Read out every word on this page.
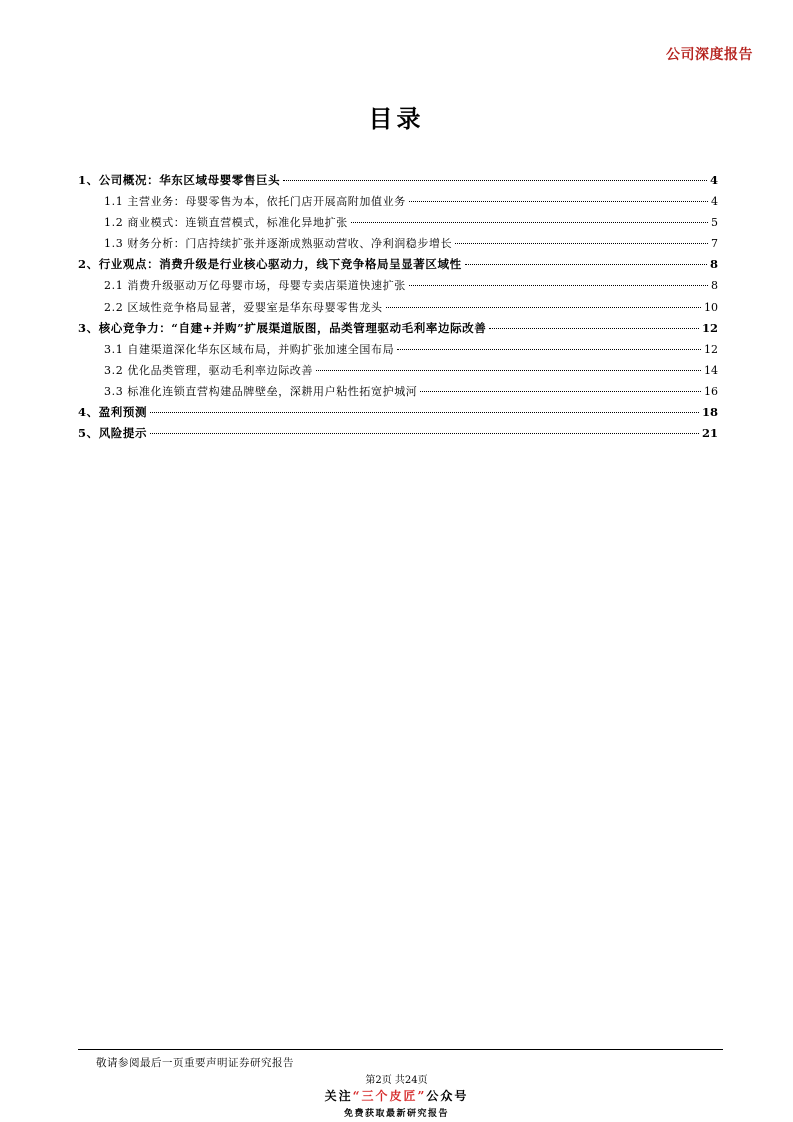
公司深度报告
目录
1、公司概况：华东区域母婴零售巨头	4
1.1 主营业务：母婴零售为本，依托门店开展高附加值业务	4
1.2 商业模式：连锁直营模式，标准化异地扩张	5
1.3 财务分析：门店持续扩张并逐渐成熟驱动营收、净利润稳步增长	7
2、行业观点：消费升级是行业核心驱动力，线下竞争格局呈显著区域性	8
2.1 消费升级驱动万亿母婴市场，母婴专卖店渠道快速扩张	8
2.2 区域性竞争格局显著，爱婴室是华东母婴零售龙头	10
3、核心竞争力：“自建+并购”扩展渠道版图，品类管理驱动毛利率边际改善	12
3.1 自建渠道深化华东区域布局，并购扩张加速全国布局	12
3.2 优化品类管理，驱动毛利率边际改善	14
3.3 标准化连锁直营构建品牌壁垒，深耕用户粘性拓宽护城河	16
4、盈利预测	18
5、风险提示	21
敬请参阅最后一页重要声明证券研究报告
第2页 共24页
关注“三个皮匠”公众号
免费获取最新研究报告
